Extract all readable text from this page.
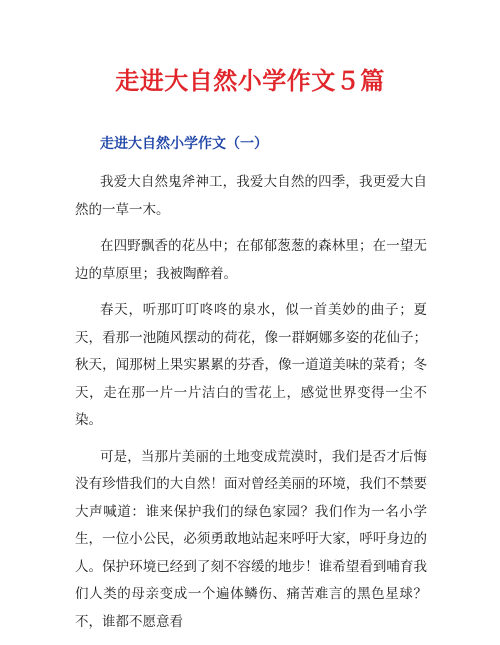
走进大自然小学作文５篇
走进大自然小学作文（一）

我爱大自然鬼斧神工，我爱大自然的四季，我更爱大自然的一草一木。

在四野飘香的花丛中；在郁郁葱葱的森林里；在一望无边的草原里；我被陶醉着。

春天，听那叮叮咚咚的泉水，似一首美妙的曲子；夏天，看那一池随风摆动的荷花，像一群婀娜多姿的花仙子；秋天，闻那树上果实累累的芬香，像一道道美味的菜肴；冬天，走在那一片一片洁白的雪花上，感觉世界变得一尘不染。

可是，当那片美丽的土地变成荒漠时，我们是否才后悔没有珍惜我们的大自然！面对曾经美丽的环境，我们不禁要大声喊道：谁来保护我们的绿色家园？我们作为一名小学生，一位小公民，必须勇敢地站起来呼吁大家，呼吁身边的人。保护环境已经到了刻不容缓的地步！谁希望看到哺育我们人类的母亲变成一个遍体鳞伤、痛苦难言的黑色星球？不，谁都不愿意看
